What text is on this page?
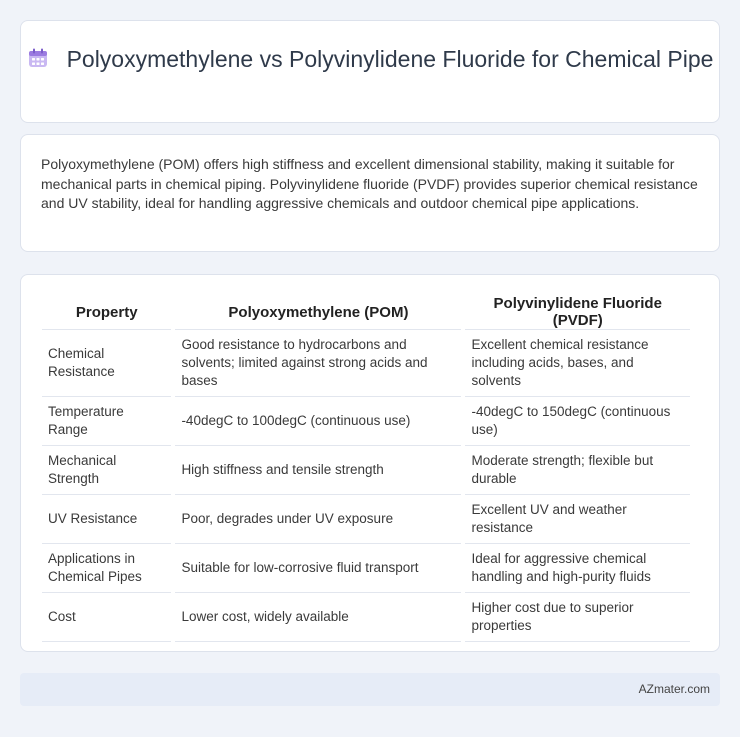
Polyoxymethylene vs Polyvinylidene Fluoride for Chemical Pipe

Polyoxymethylene (POM) offers high stiffness and excellent dimensional stability, making it suitable for mechanical parts in chemical piping. Polyvinylidene fluoride (PVDF) provides superior chemical resistance and UV stability, ideal for handling aggressive chemicals and outdoor chemical pipe applications.

Property	Polyoxymethylene (POM)	Polyvinylidene Fluoride (PVDF)
Chemical Resistance	Good resistance to hydrocarbons and solvents; limited against strong acids and bases	Excellent chemical resistance including acids, bases, and solvents
Temperature Range	-40degC to 100degC (continuous use)	-40degC to 150degC (continuous use)
Mechanical Strength	High stiffness and tensile strength	Moderate strength; flexible but durable
UV Resistance	Poor, degrades under UV exposure	Excellent UV and weather resistance
Applications in Chemical Pipes	Suitable for low-corrosive fluid transport	Ideal for aggressive chemical handling and high-purity fluids
Cost	Lower cost, widely available	Higher cost due to superior properties
AZmater.com
